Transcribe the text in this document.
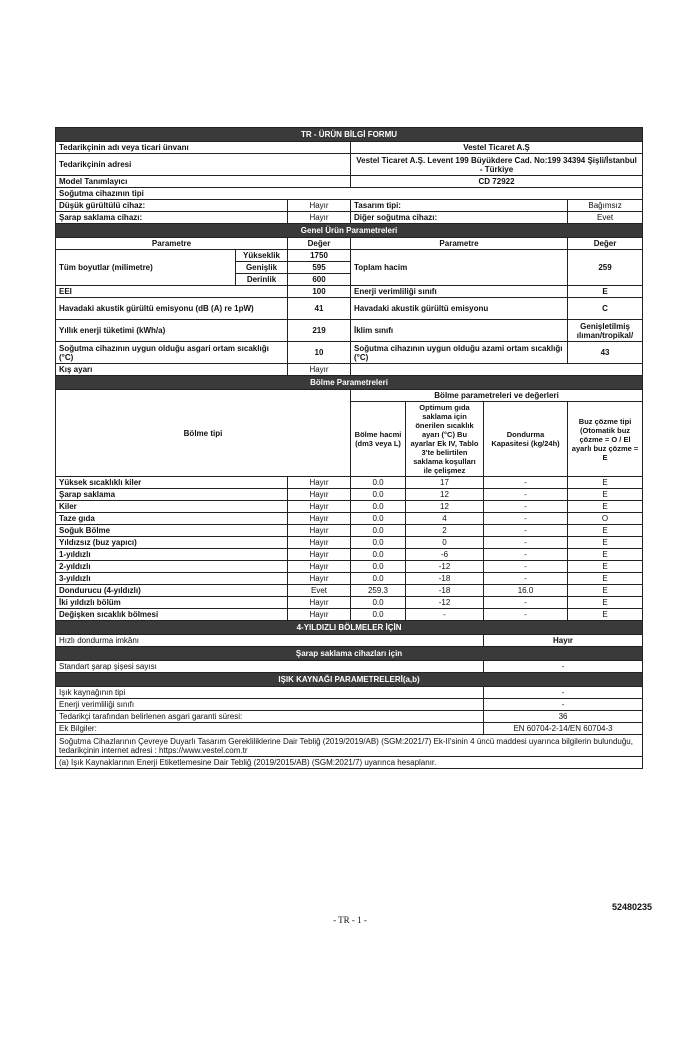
TR - ÜRÜN BİLGİ FORMU						
Tedarikçinin adı veya ticari ünvanı			Vestel Ticaret A.Ş			
Tedarikçinin adresi			Vestel Ticaret A.Ş. Levent 199 Büyükdere Cad. No:199 34394 Şişli/İstanbul - Türkiye			
Model Tanımlayıcı			CD 72922			
Soğutma cihazının tipi						
Düşük gürültülü cihaz:		Hayır	Tasarım tipi:			Bağımsız
Şarap saklama cihazı:		Hayır	Diğer soğutma cihazı:			Evet
Genel Ürün Parametreleri						
Parametre		Değer	Parametre			Değer
Tüm boyutlar (milimetre)	Yükseklik	1750	Toplam hacim			259
	Genişlik	595				
	Derinlik	600				
EEI		100	Enerji verimliliği sınıfı			E
Havadaki akustik gürültü emisyonu (dB (A) re 1pW)		41	Havadaki akustik gürültü emisyonu			C
Yıllık enerji tüketimi (kWh/a)		219	İklim sınıfı			Genişletilmiş ılıman/tropikal/
Soğutma cihazının uygun olduğu asgari ortam sıcaklığı (°C)		10	Soğutma cihazının uygun olduğu azami ortam sıcaklığı (°C)			43
Kış ayarı		Hayır				
Bölme Parametreleri						
Bölme tipi			Bölme parametreleri ve değerleri			
			Bölme hacmi (dm3 veya L)	Optimum gıda saklama için önerilen sıcaklık ayarı (°C) Bu ayarlar Ek IV, Tablo 3'te belirtilen saklama koşulları ile çelişmez	Dondurma Kapasitesi (kg/24h)	Buz çözme tipi (Otomatik buz çözme = O / El ayarlı buz çözme = E
Yüksek sıcaklıklı kiler		Hayır	0.0	17	-	E
Şarap saklama		Hayır	0.0	12	-	E
Kiler		Hayır	0.0	12	-	E
Taze gıda		Hayır	0.0	4	-	O
Soğuk Bölme		Hayır	0.0	2	-	E
Yıldızsız (buz yapıcı)		Hayır	0.0	0	-	E
1-yıldızlı		Hayır	0.0	-6	-	E
2-yıldızlı		Hayır	0.0	-12	-	E
3-yıldızlı		Hayır	0.0	-18	-	E
Dondurucu (4-yıldızlı)		Evet	259.3	-18	16.0	E
İki yıldızlı bölüm		Hayır	0.0	-12	-	E
Değişken sıcaklık bölmesi		Hayır	0.0	-	-	E
4-YILDIZLI BÖLMELER İÇİN						
Hızlı dondurma imkânı					Hayır	
Şarap saklama cihazları için						
Standart şarap şişesi sayısı					-	
IŞIK KAYNAĞI PARAMETRELERİ(a,b)						
Işık kaynağının tipi					-	
Enerji verimliliği sınıfı					-	
Tedarikçi tarafından belirlenen asgari garanti süresi:					36	
Ek Bilgiler:					EN 60704-2-14/EN 60704-3	
Soğutma Cihazlarının Çevreye Duyarlı Tasarım Gerekliliklerine Dair Tebliğ (2019/2019/AB) (SGM:2021/7) Ek-II'sinin 4 üncü maddesi uyarınca bilgilerin bulunduğu, tedarikçinin internet adresi : https://www.vestel.com.tr						
(a) Işık Kaynaklarının Enerji Etiketlemesine Dair Tebliğ (2019/2015/AB) (SGM:2021/7) uyarınca hesaplanır.						
52480235
- TR - 1 -
